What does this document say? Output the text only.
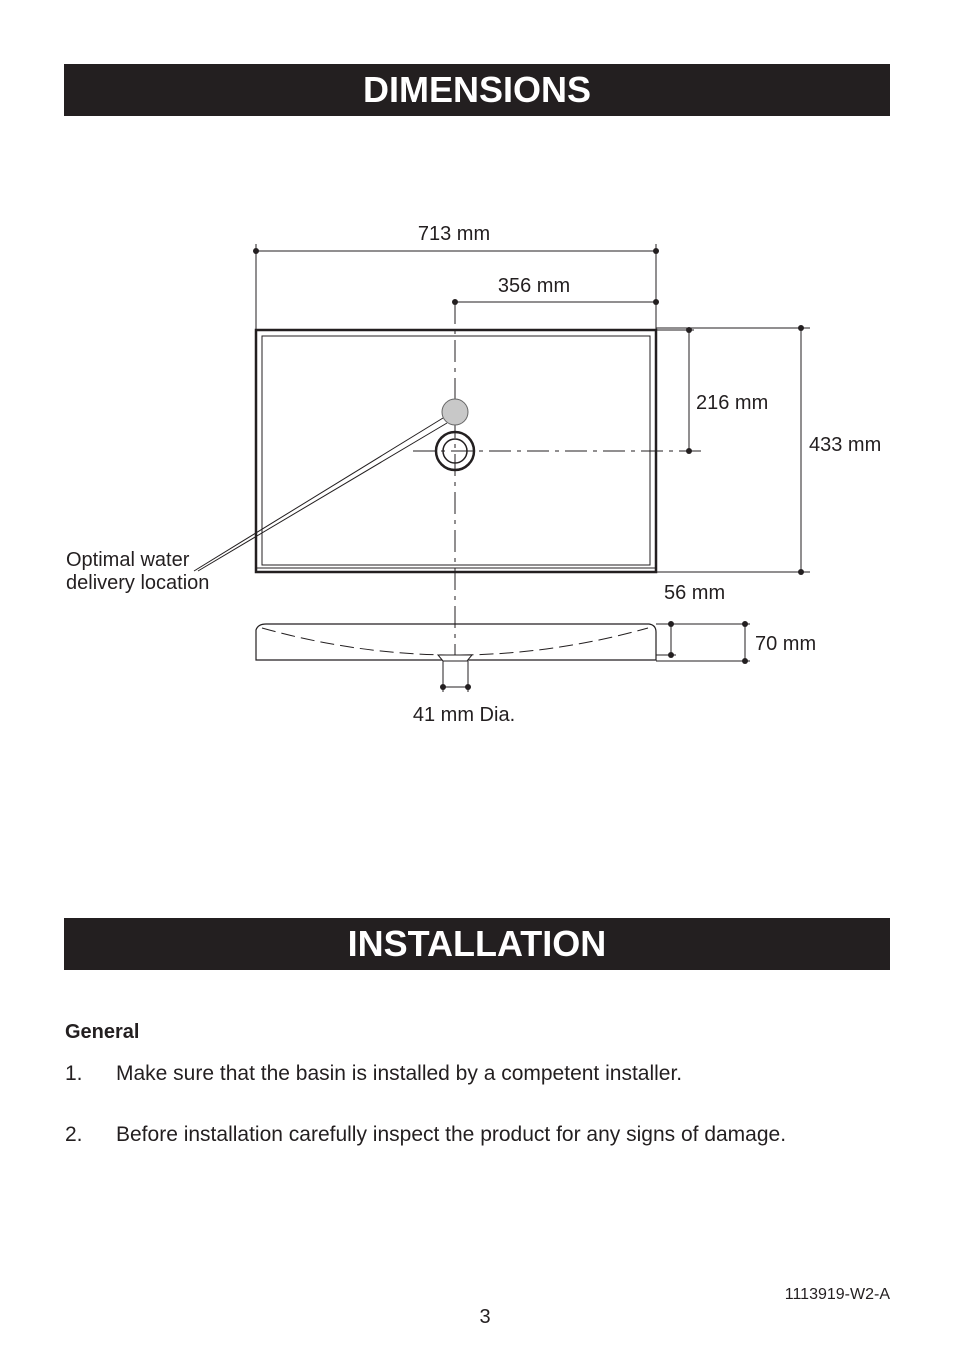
DIMENSIONS
713 mm
356 mm
216 mm
433 mm
Optimal water
delivery location	56 mm
70 mm
41 mm Dia.
INSTALLATION
General
1. Make sure that the basin is installed by a competent installer.
2. Before installation carefully inspect the product for any signs of damage.
1113919-W2-A
3
